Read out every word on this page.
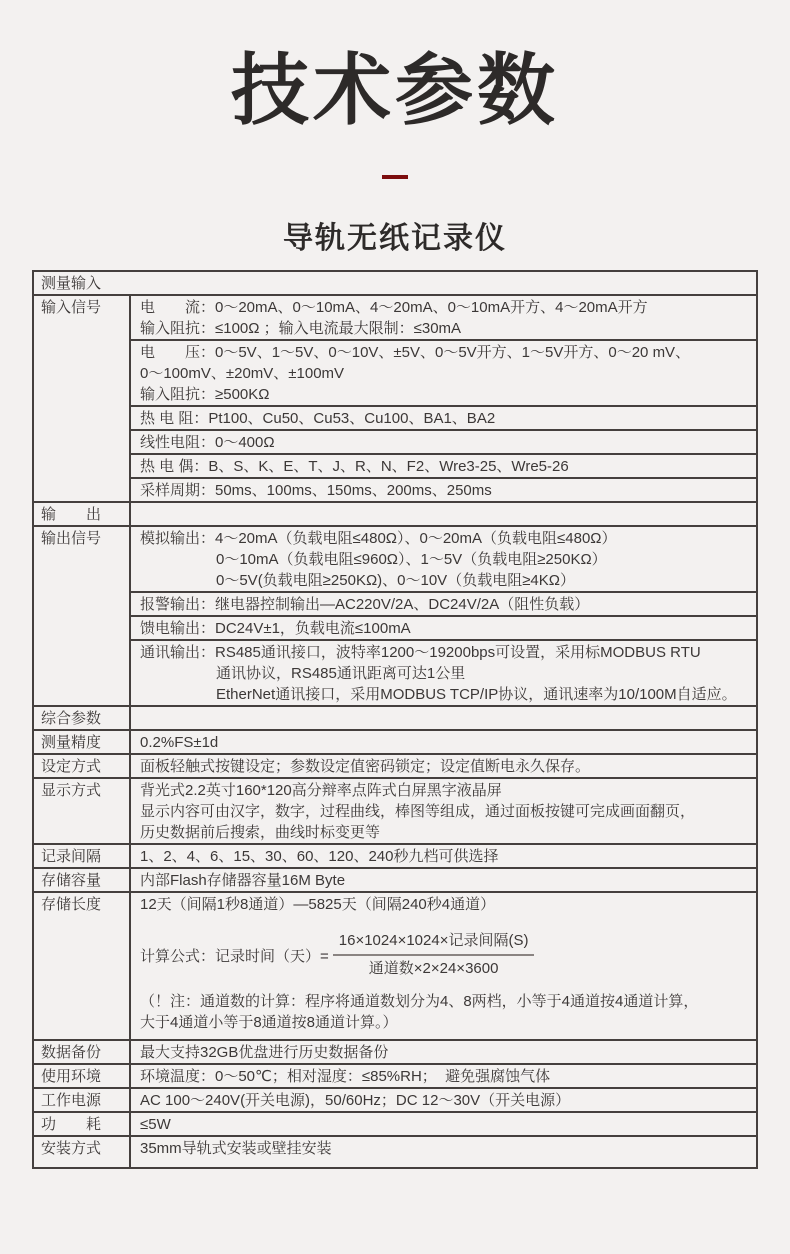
技术参数
导轨无纸记录仪
测量输入
输入信号	电　　流：0～20mA、0～10mA、4～20mA、0～10mA开方、4～20mA开方
输入阻抗：≤100Ω ；输入电流最大限制：≤30mA
电　　压：0～5V、1～5V、0～10V、±5V、0～5V开方、1～5V开方、0～20 mV、
0～100mV、±20mV、±100mV
输入阻抗：≥500KΩ
热 电 阻：Pt100、Cu50、Cu53、Cu100、BA1、BA2
线性电阻：0～400Ω
热 电 偶：B、S、K、E、T、J、R、N、F2、Wre3-25、Wre5-26
采样周期：50ms、100ms、150ms、200ms、250ms
输　　出
输出信号	模拟输出：4～20mA（负载电阻≤480Ω）、0～20mA（负载电阻≤480Ω）
0～10mA（负载电阻≤960Ω）、1～5V（负载电阻≥250KΩ）
0～5V(负载电阻≥250KΩ)、0～10V（负载电阻≥4KΩ）
报警输出：继电器控制输出—AC220V/2A、DC24V/2A（阻性负载）
馈电输出：DC24V±1，负载电流≤100mA
通讯输出：RS485通讯接口，波特率1200～19200bps可设置，采用标MODBUS RTU
通讯协议，RS485通讯距离可达1公里
EtherNet通讯接口，采用MODBUS TCP/IP协议，通讯速率为10/100M自适应。
综合参数
测量精度	0.2%FS±1d
设定方式	面板轻触式按键设定；参数设定值密码锁定；设定值断电永久保存。
显示方式	背光式2.2英寸160*120高分辩率点阵式白屏黑字液晶屏
显示内容可由汉字，数字，过程曲线，棒图等组成，通过面板按键可完成画面翻页，
历史数据前后搜索，曲线时标变更等
记录间隔	1、2、4、6、15、30、60、120、240秒九档可供选择
存储容量	内部Flash存储器容量16M Byte
存储长度	12天（间隔1秒8通道）—5825天（间隔240秒4通道）
计算公式：记录时间（天）= $\frac{\text{16×1024×1024×记录间隔(S)}}{\text{通道数×2×24×3600}}$
（！注：通道数的计算：程序将通道数划分为4、8两档，小等于4通道按4通道计算，
大于4通道小等于8通道按8通道计算。）
数据备份	最大支持32GB优盘进行历史数据备份
使用环境	环境温度：0～50℃；相对湿度：≤85%RH；  避免强腐蚀气体
工作电源	AC 100～240V(开关电源)，50/60Hz；DC 12～30V（开关电源）
功　　耗	≤5W
安装方式	35mm导轨式安装或壁挂安装
